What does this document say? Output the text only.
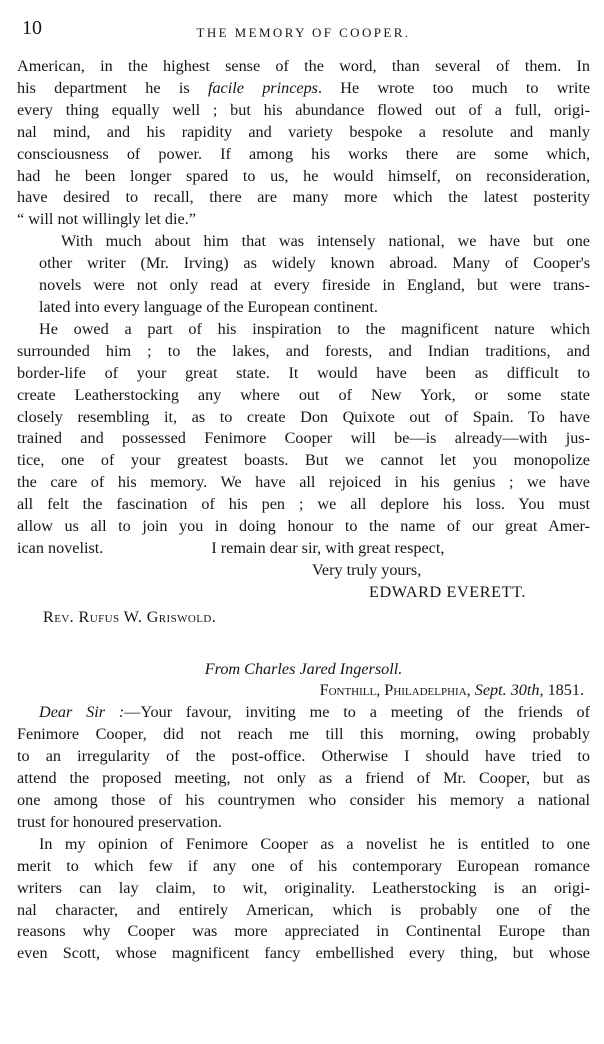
10	THE MEMORY OF COOPER.
American, in the highest sense of the word, than several of them. In
his department he is facile princeps. He wrote too much to write
every thing equally well ; but his abundance flowed out of a full, origi-
nal mind, and his rapidity and variety bespoke a resolute and manly
consciousness of power. If among his works there are some which,
had he been longer spared to us, he would himself, on reconsideration,
have desired to recall, there are many more which the latest posterity
“ will not willingly let die.”
With much about him that was intensely national, we have but one
other writer (Mr. Irving) as widely known abroad. Many of Cooper's
novels were not only read at every fireside in England, but were trans-
lated into every language of the European continent.
He owed a part of his inspiration to the magnificent nature which
surrounded him ; to the lakes, and forests, and Indian traditions, and
border-life of your great state. It would have been as difficult to
create Leatherstocking any where out of New York, or some state
closely resembling it, as to create Don Quixote out of Spain. To have
trained and possessed Fenimore Cooper will be—is already—with jus-
tice, one of your greatest boasts. But we cannot let you monopolize
the care of his memory. We have all rejoiced in his genius ; we have
all felt the fascination of his pen ; we all deplore his loss. You must
allow us all to join you in doing honour to the name of our great Amer-
ican novelist.	I remain dear sir, with great respect,
Very truly yours,
EDWARD EVERETT.
Rev. Rufus W. Griswold.
From Charles Jared Ingersoll.
Fonthill, Philadelphia, Sept. 30th, 1851.
Dear Sir :—Your favour, inviting me to a meeting of the friends of
Fenimore Cooper, did not reach me till this morning, owing probably
to an irregularity of the post-office. Otherwise I should have tried to
attend the proposed meeting, not only as a friend of Mr. Cooper, but as
one among those of his countrymen who consider his memory a national
trust for honoured preservation.
In my opinion of Fenimore Cooper as a novelist he is entitled to one
merit to which few if any one of his contemporary European romance
writers can lay claim, to wit, originality. Leatherstocking is an origi-
nal character, and entirely American, which is probably one of the
reasons why Cooper was more appreciated in Continental Europe than
even Scott, whose magnificent fancy embellished every thing, but whose
